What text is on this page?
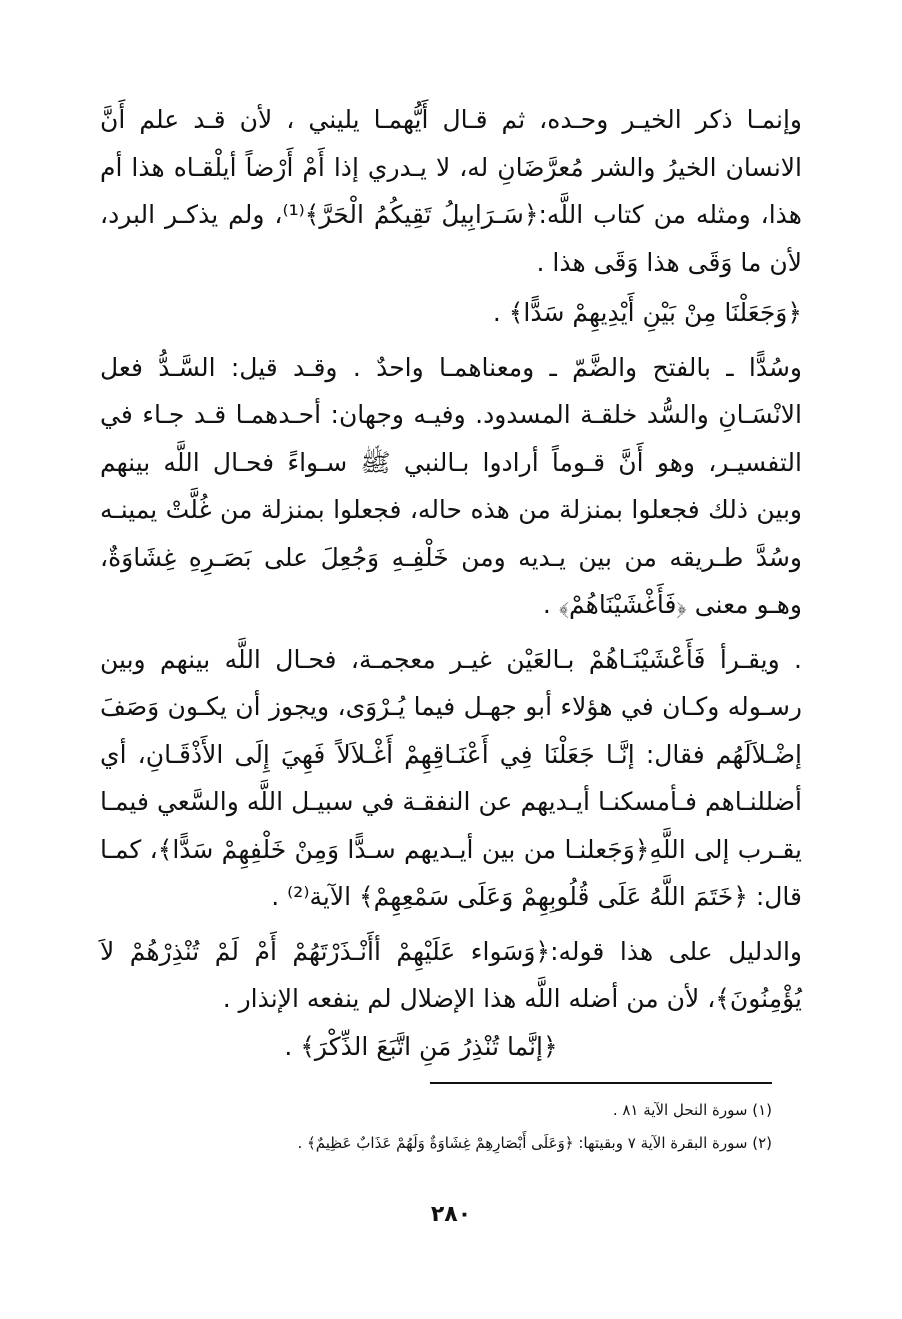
وإنمـا ذكر الخيـر وحـده، ثم قـال أَيُّهمـا يليني ، لأن قـد علم أَنَّ الانسان الخيرُ والشر مُعرَّضَانِ له، لا يـدري إذا أَمْ أَرْضاً أيلْقـاه هذا أم هذا، ومثله من كتاب اللَّه:﴿سَـرَابِيلُ تَقِيكُمُ الْحَرَّ﴾⁽¹⁾، ولم يذكـر البرد، لأن ما وَقَى هذا وَقَى هذا .

﴿وَجَعَلْنَا مِنْ بَيْنِ أَيْدِيهِمْ سَدًّا﴾ .

وسُدًّا ـ بالفتح والضَّمّ ـ ومعناهمـا واحدٌ . وقـد قيل: السَّـدُّ فعل الانْسَـانِ والسُّد خلقـة المسدود. وفيـه وجهان: أحـدهمـا قـد جـاء في التفسيـر، وهو أَنَّ قـوماً أرادوا بـالنبي ﷺ سـواءً فحـال اللَّه بينهم وبين ذلك فجعلوا بمنزلة من هذه حاله، فجعلوا بمنزلة من غُلَّتْ يمينـه وسُدَّ طـريقه من بين يـديه ومن خَلْفِـهِ وَجُعِلَ على بَصَـرِهِ غِشَاوَةٌ، وهـو معنى ﴿فَأَغْشَيْنَاهُمْ﴾ .

. ويقـرأ فَأَعْشَيْنَـاهُمْ بـالعَيْن غيـر معجمـة، فحـال اللَّه بينهم وبين رسـوله وكـان في هؤلاء أبو جهـل فيما يُـرْوَى، ويجوز أن يكـون وَصَفَ إضْـلاَلَهُم فقال: إنَّـا جَعَلْنَا فِي أَعْنَـاقِهِمْ أَغْـلاَلاً فَهِيَ إِلَى الأَذْقَـانِ، أي أضللنـاهم فـأمسكنـا أيـديهم عن النفقـة في سبيـل اللَّه والسَّعي فيمـا يقـرب إلى اللَّهِ﴿وَجَعلنـا من بين أيـديهم سـدًّا وَمِنْ خَلْفِهِمْ سَدًّا﴾، كمـا قال: ﴿خَتَمَ اللَّهُ عَلَى قُلُوبِهِمْ وَعَلَى سَمْعِهِمْ﴾ الآية⁽²⁾ .

والدليل على هذا قوله:﴿وَسَواء عَلَيْهِمْ أأَنْـذَرْتَهُمْ أَمْ لَمْ تُنْذِرْهُمْ لاَ يُؤْمِنُونَ﴾، لأن من أضله اللَّه هذا الإضلال لم ينفعه الإنذار .

﴿إنَّما تُنْذِرُ مَنِ اتَّبَعَ الذِّكْرَ﴾ .

(١) سورة النحل الآية ٨١ .

(٢) سورة البقرة الآية ٧ وبقيتها: ﴿وَعَلَى أَبْصَارِهِمْ غِشَاوَةٌ وَلَهُمْ عَذَابٌ عَظِيمٌ﴾ .

٢٨٠
